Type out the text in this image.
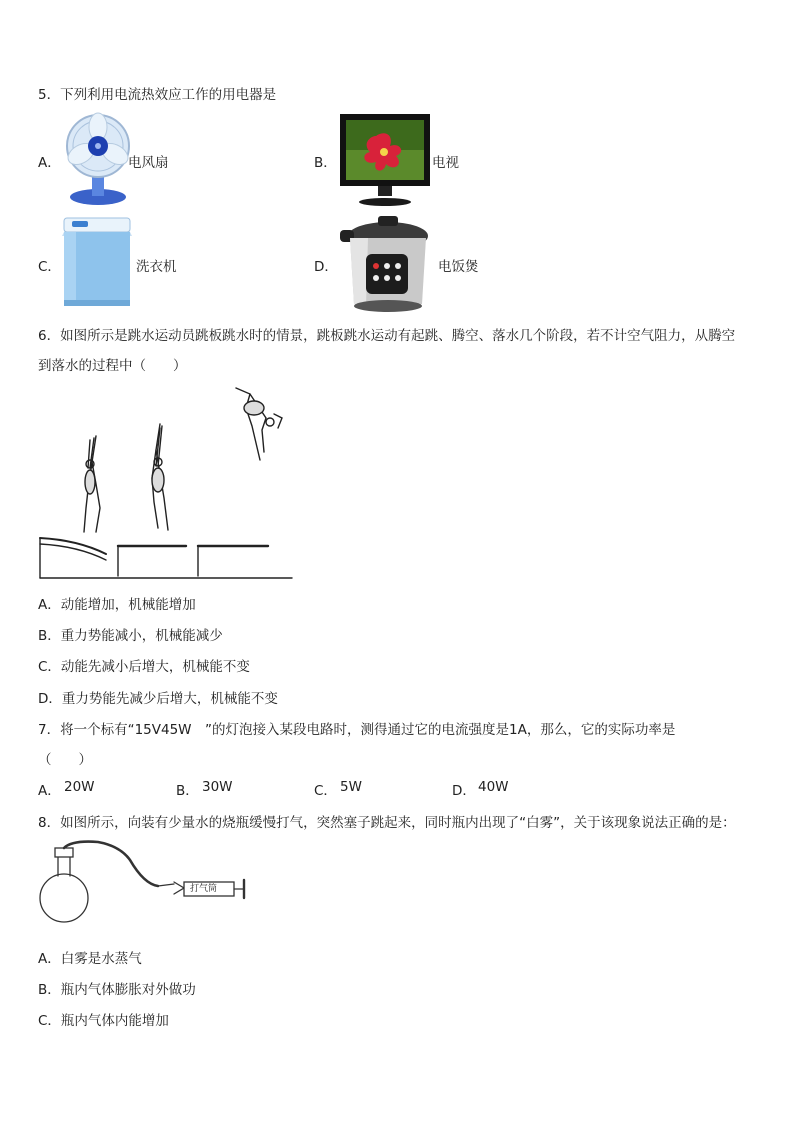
5．下列利用电流热效应工作的用电器是
A．	电风扇	B．	电视
C．	洗衣机	D．	电饭煲
6．如图所示是跳水运动员跳板跳水时的情景，跳板跳水运动有起跳、腾空、落水几个阶段，若不计空气阻力，从腾空
到落水的过程中（　　）
A．动能增加，机械能增加
B．重力势能减小，机械能减少
C．动能先减小后增大，机械能不变
D．重力势能先减少后增大，机械能不变
7．将一个标有“15V45W　”的灯泡接入某段电路时，测得通过它的电流强度是1A，那么，它的实际功率是
（　　）
A． 20W	B． 30W	C． 5W	D． 40W
8．如图所示，向装有少量水的烧瓶缓慢打气，突然塞子跳起来，同时瓶内出现了“白雾”，关于该现象说法正确的是：
打气筒
A．白雾是水蒸气
B．瓶内气体膨胀对外做功
C．瓶内气体内能增加
